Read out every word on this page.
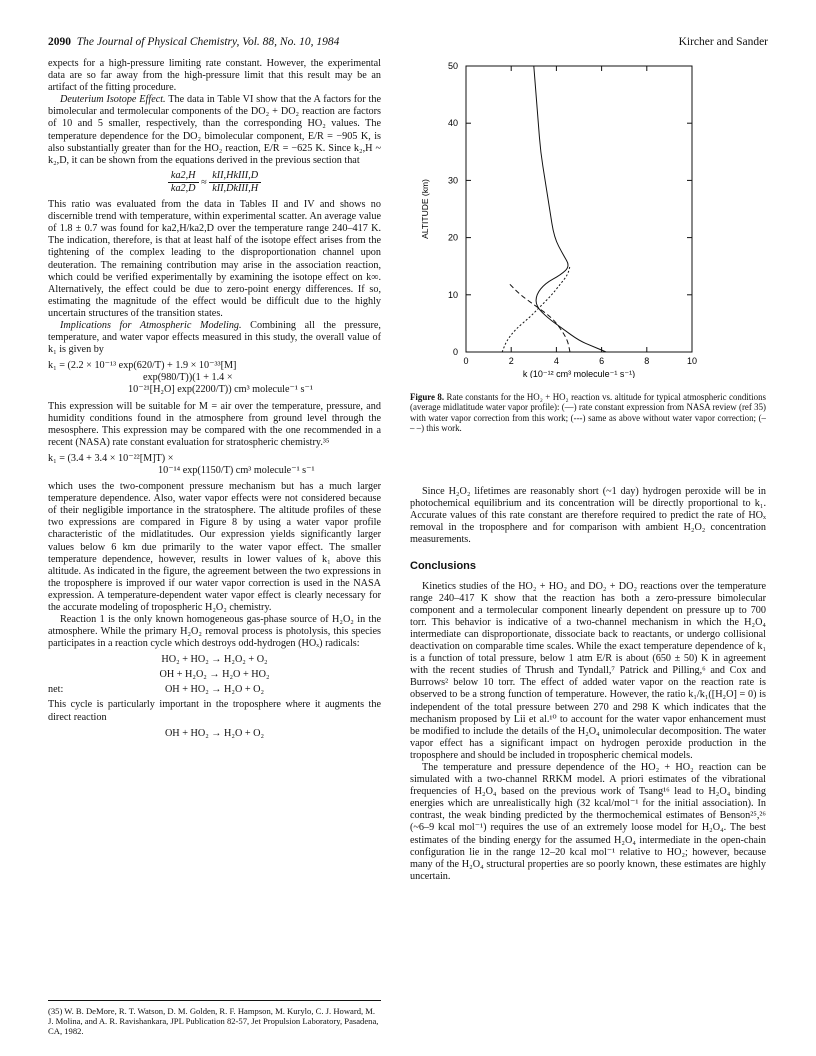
2090 The Journal of Physical Chemistry, Vol. 88, No. 10, 1984	Kircher and Sander

expects for a high-pressure limiting rate constant. However, the experimental data are so far away from the high-pressure limit that this result may be an artifact of the fitting procedure.

Deuterium Isotope Effect. The data in Table VI show that the A factors for the bimolecular and termolecular components of the DO₂ + DO₂ reaction are factors of 10 and 5 smaller, respectively, than the corresponding HO₂ values. The temperature dependence for the DO₂ bimolecular component, E/R = −905 K, is also substantially greater than for the HO₂ reaction, E/R = −625 K. Since k₂,H ~ k₂,D, it can be shown from the equations derived in the previous section that

$\frac{ka2,H}{ka2,D} \approx \frac{\text{kII,HkIII,D}}{\text{kII,DkIII,H}}$

This ratio was evaluated from the data in Tables II and IV and shows no discernible trend with temperature, within experimental scatter. An average value of 1.8 ± 0.7 was found for ka2,H/ka2,D over the temperature range 240–417 K. The indication, therefore, is that at least half of the isotope effect arises from the tightening of the complex leading to the disproportionation channel upon deuteration. The remaining contribution may arise in the association reaction, which could be verified experimentally by examining the isotope effect on k∞. Alternatively, the effect could be due to zero-point energy differences. If so, estimating the magnitude of the effect would be difficult due to the highly uncertain structures of the transition states.

Implications for Atmospheric Modeling. Combining all the pressure, temperature, and water vapor effects measured in this study, the overall value of k₁ is given by

k₁ = (2.2 × 10⁻¹³ exp(620/T) + 1.9 × 10⁻³³[M]
exp(980/T))(1 + 1.4 ×
10⁻²¹[H₂O] exp(2200/T)) cm³ molecule⁻¹ s⁻¹

This expression will be suitable for M = air over the temperature, pressure, and humidity conditions found in the atmosphere from ground level through the mesosphere. This expression may be compared with the one recommended in a recent (NASA) rate constant evaluation for stratospheric chemistry.³⁵

k₁ = (3.4 + 3.4 × 10⁻²²[M]T) ×
10⁻¹⁴ exp(1150/T) cm³ molecule⁻¹ s⁻¹

which uses the two-component pressure mechanism but has a much larger temperature dependence. Also, water vapor effects were not considered because of their negligible importance in the stratosphere. The altitude profiles of these two expressions are compared in Figure 8 by using a water vapor profile characteristic of the midlatitudes. Our expression yields significantly larger values below 6 km due primarily to the water vapor effect. The smaller temperature dependence, however, results in lower values of k₁ above this altitude. As indicated in the figure, the agreement between the two expressions in the troposphere is improved if our water vapor correction is used in the NASA expression. A temperature-dependent water vapor effect is clearly necessary for the accurate modeling of tropospheric H₂O₂ chemistry.

Reaction 1 is the only known homogeneous gas-phase source of H₂O₂ in the atmosphere. While the primary H₂O₂ removal process is photolysis, this species participates in a reaction cycle which destroys odd-hydrogen (HOₓ) radicals:

HO₂ + HO₂ → H₂O₂ + O₂
OH + H₂O₂ → H₂O + HO₂
net:	OH + HO₂ → H₂O + O₂

This cycle is particularly important in the troposphere where it augments the direct reaction

OH + HO₂ → H₂O + O₂
(35) W. B. DeMore, R. T. Watson, D. M. Golden, R. F. Hampson, M. Kurylo, C. J. Howard, M. J. Molina, and A. R. Ravishankara, JPL Publication 82-57, Jet Propulsion Laboratory, Pasadena, CA, 1982.
0	2	4	6	8	10
0
10
20
30
40
50
k (10⁻¹² cm³ molecule⁻¹ s⁻¹)
ALTITUDE (km)
Figure 8. Rate constants for the HO₂ + HO₂ reaction vs. altitude for typical atmospheric conditions (average midlatitude water vapor profile): (—) rate constant expression from NASA review (ref 35) with water vapor correction from this work; (---) same as above without water vapor correction; (– – –) this work.

Since H₂O₂ lifetimes are reasonably short (~1 day) hydrogen peroxide will be in photochemical equilibrium and its concentration will be directly proportional to k₁. Accurate values of this rate constant are therefore required to predict the rate of HOₓ removal in the troposphere and for comparison with ambient H₂O₂ concentration measurements.

Conclusions

Kinetics studies of the HO₂ + HO₂ and DO₂ + DO₂ reactions over the temperature range 240–417 K show that the reaction has both a zero-pressure bimolecular component and a termolecular component linearly dependent on pressure up to 700 torr. This behavior is indicative of a two-channel mechanism in which the H₂O₄ intermediate can disproportionate, dissociate back to reactants, or undergo collisional deactivation on comparable time scales. While the exact temperature dependence of k₁ is a function of total pressure, below 1 atm E/R is about (650 ± 50) K in agreement with the recent studies of Thrush and Tyndall,⁷ Patrick and Pilling,⁶ and Cox and Burrows² below 10 torr. The effect of added water vapor on the reaction rate is observed to be a strong function of temperature. However, the ratio k₁/k₁([H₂O] = 0) is independent of the total pressure between 270 and 298 K which indicates that the mechanism proposed by Lii et al.¹⁰ to account for the water vapor enhancement must be modified to include the details of the H₂O₄ unimolecular decomposition. The water vapor effect has a significant impact on hydrogen peroxide production in the troposphere and should be included in tropospheric chemical models.

The temperature and pressure dependence of the HO₂ + HO₂ reaction can be simulated with a two-channel RRKM model. A priori estimates of the vibrational frequencies of H₂O₄ based on the previous work of Tsang¹⁶ lead to H₂O₄ binding energies which are unrealistically high (32 kcal/mol⁻¹ for the initial association). In contrast, the weak binding predicted by the thermochemical estimates of Benson²⁵,²⁶ (~6–9 kcal mol⁻¹) requires the use of an extremely loose model for H₂O₄. The best estimates of the binding energy for the assumed H₂O₄ intermediate in the open-chain configuration lie in the range 12–20 kcal mol⁻¹ relative to HO₂; however, because many of the H₂O₄ structural properties are so poorly known, these estimates are highly uncertain.
